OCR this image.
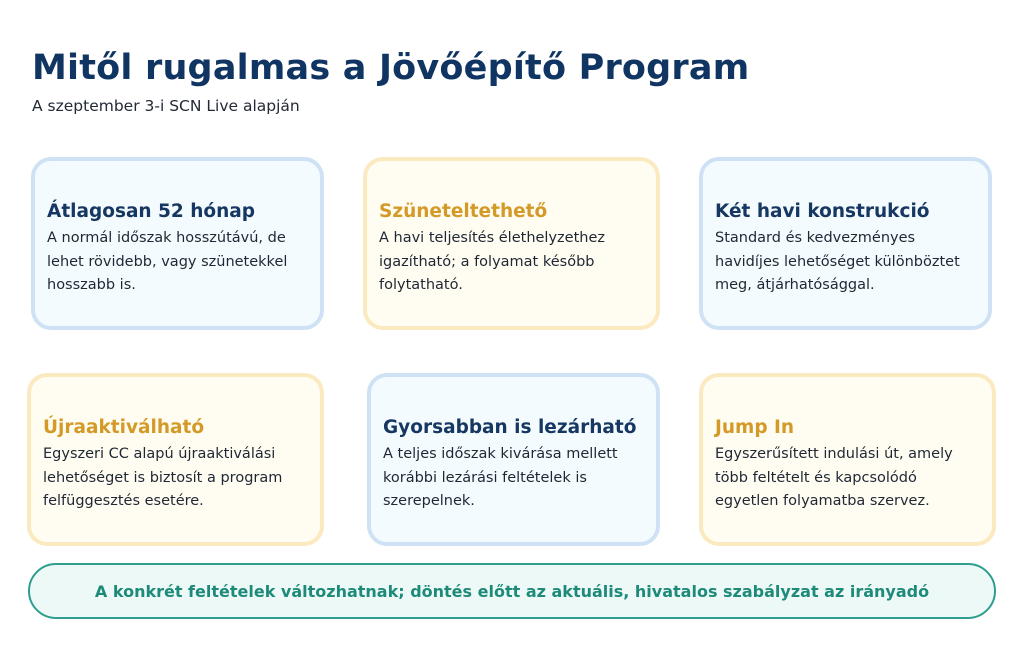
Mitől rugalmas a Jövőépítő Program

A szeptember 3-i SCN Live alapján

Átlagosan 52 hónap

A normál időszak hosszútávú, de lehet rövidebb, vagy szünetekkel hosszabb is.

Szüneteltethető

A havi teljesítés élethelyzethez igazítható; a folyamat később folytatható.

Két havi konstrukció

Standard és kedvezményes havidíjes lehetőséget különböztet meg, átjárhatósággal.

Újraaktiválható

Egyszeri CC alapú újraaktiválási lehetőséget is biztosít a program felfüggesztés esetére.

Gyorsabban is lezárható

A teljes időszak kivárása mellett korábbi lezárási feltételek is szerepelnek.

Jump In

Egyszerűsített indulási út, amely több feltételt és kapcsolódó egyetlen folyamatba szervez.

A konkrét feltételek változhatnak; döntés előtt az aktuális, hivatalos szabályzat az irányadó
